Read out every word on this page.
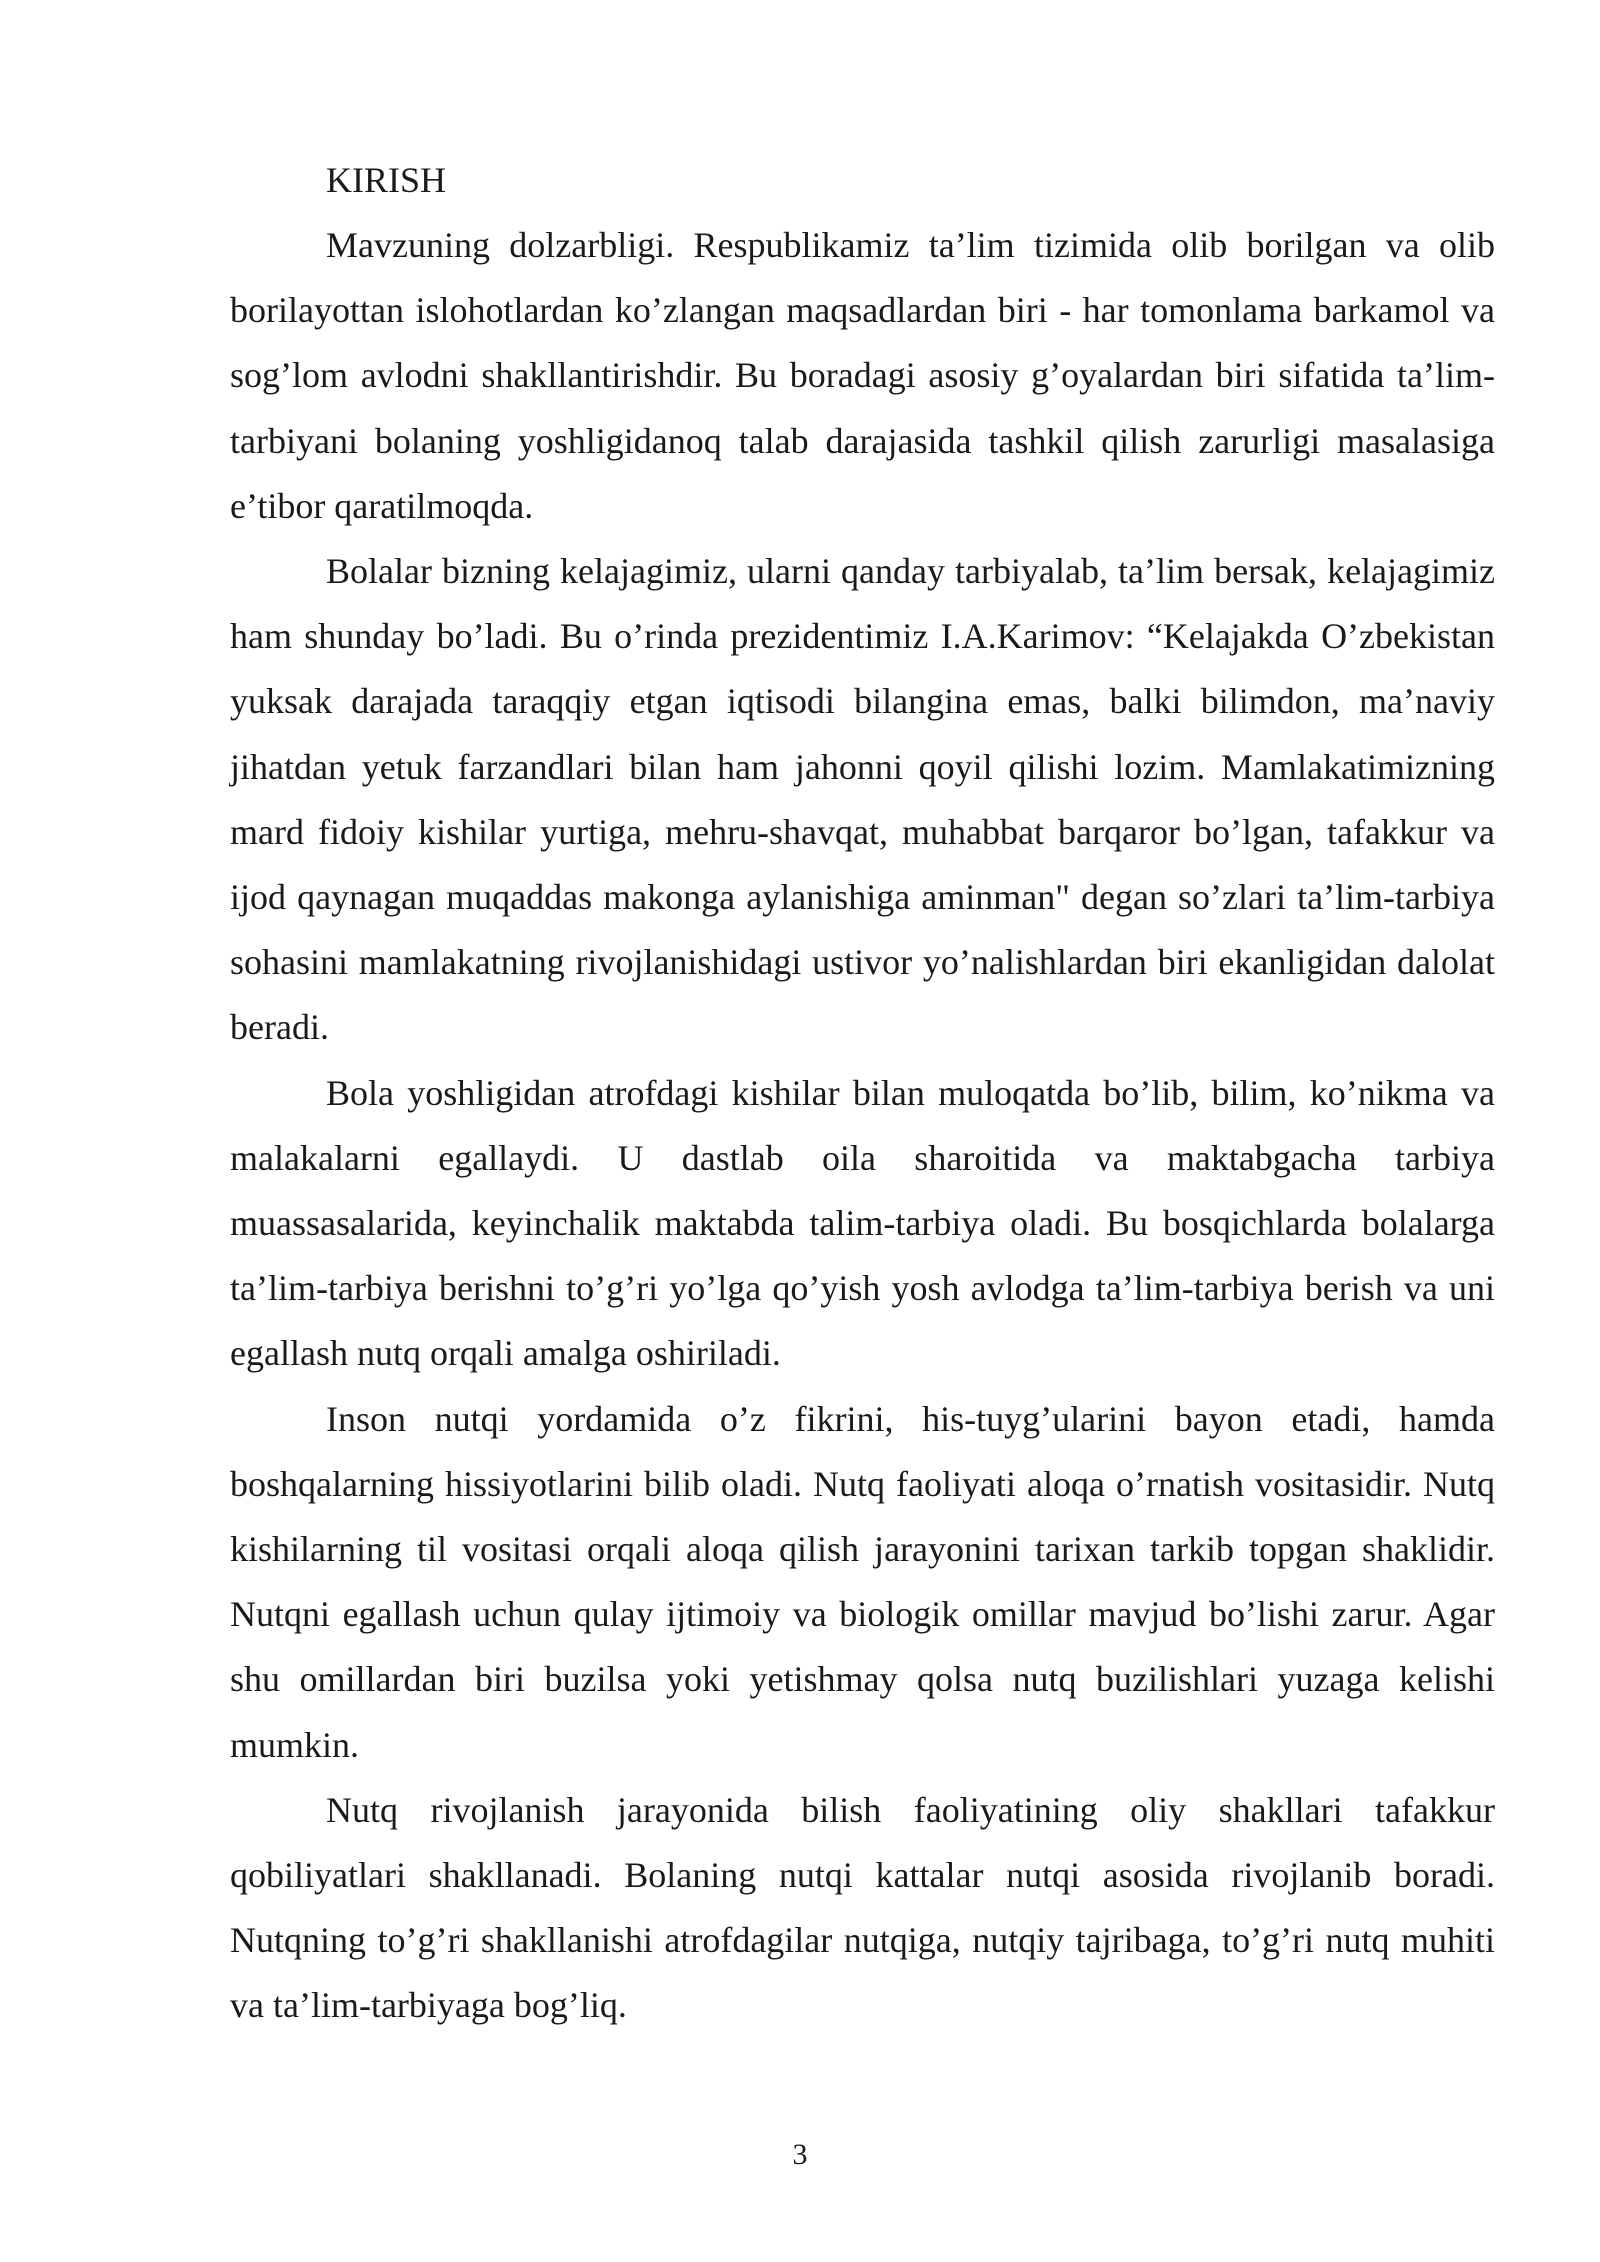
KIRISH

Mavzuning dolzarbligi. Respublikamiz ta’lim tizimida olib borilgan va olib borilayottan islohotlardan ko’zlangan maqsadlardan biri - har tomonlama barkamol va sog’lom avlodni shakllantirishdir. Bu boradagi asosiy g’oyalardan biri sifatida ta’lim-tarbiyani bolaning yoshligidanoq talab darajasida tashkil qilish zarurligi masalasiga e’tibor qaratilmoqda.

Bolalar bizning kelajagimiz, ularni qanday tarbiyalab, ta’lim bersak, kelajagimiz ham shunday bo’ladi. Bu o’rinda prezidentimiz I.A.Karimov: “Kelajakda O’zbekistan yuksak darajada taraqqiy etgan iqtisodi bilangina emas, balki bilimdon, ma’naviy jihatdan yetuk farzandlari bilan ham jahonni qoyil qilishi lozim. Mamlakatimizning mard fidoiy kishilar yurtiga, mehru-shavqat, muhabbat barqaror bo’lgan, tafakkur va ijod qaynagan muqaddas makonga aylanishiga aminman" degan so’zlari ta’lim-tarbiya sohasini mamlakatning rivojlanishidagi ustivor yo’nalishlardan biri ekanligidan dalolat beradi.

Bola yoshligidan atrofdagi kishilar bilan muloqatda bo’lib, bilim, ko’nikma va malakalarni egallaydi. U dastlab oila sharoitida va maktabgacha tarbiya muassasalarida, keyinchalik maktabda talim-tarbiya oladi. Bu bosqichlarda bolalarga ta’lim-tarbiya berishni to’g’ri yo’lga qo’yish yosh avlodga ta’lim-tarbiya berish va uni egallash nutq orqali amalga oshiriladi.

Inson nutqi yordamida o’z fikrini, his-tuyg’ularini bayon etadi, hamda boshqalarning hissiyotlarini bilib oladi. Nutq faoliyati aloqa o’rnatish vositasidir. Nutq kishilarning til vositasi orqali aloqa qilish jarayonini tarixan tarkib topgan shaklidir. Nutqni egallash uchun qulay ijtimoiy va biologik omillar mavjud bo’lishi zarur. Agar shu omillardan biri buzilsa yoki yetishmay qolsa nutq buzilishlari yuzaga kelishi mumkin.

Nutq rivojlanish jarayonida bilish faoliyatining oliy shakllari tafakkur qobiliyatlari shakllanadi. Bolaning nutqi kattalar nutqi asosida rivojlanib boradi. Nutqning to’g’ri shakllanishi atrofdagilar nutqiga, nutqiy tajribaga, to’g’ri nutq muhiti va ta’lim-tarbiyaga bog’liq.

3
